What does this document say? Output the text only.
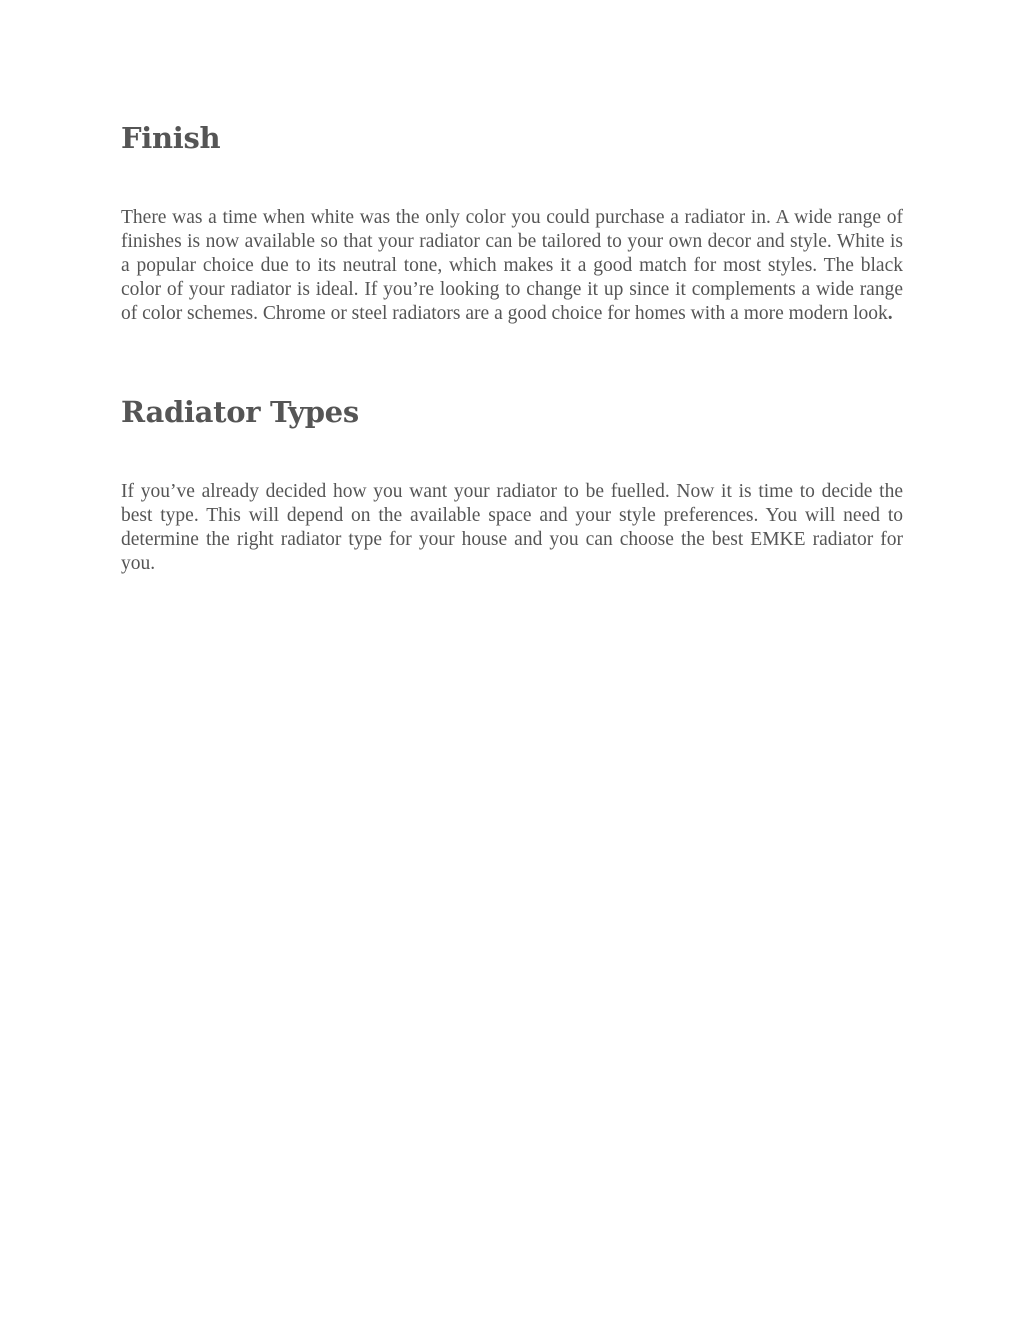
Finish

There was a time when white was the only color you could purchase a radiator in. A wide range of finishes is now available so that your radiator can be tailored to your own decor and style. White is a popular choice due to its neutral tone, which makes it a good match for most styles. The black color of your radiator is ideal. If you’re looking to change it up since it complements a wide range of color schemes. Chrome or steel radiators are a good choice for homes with a more modern look.

Radiator Types

If you’ve already decided how you want your radiator to be fuelled. Now it is time to decide the best type. This will depend on the available space and your style preferences. You will need to determine the right radiator type for your house and you can choose the best EMKE radiator for you.
